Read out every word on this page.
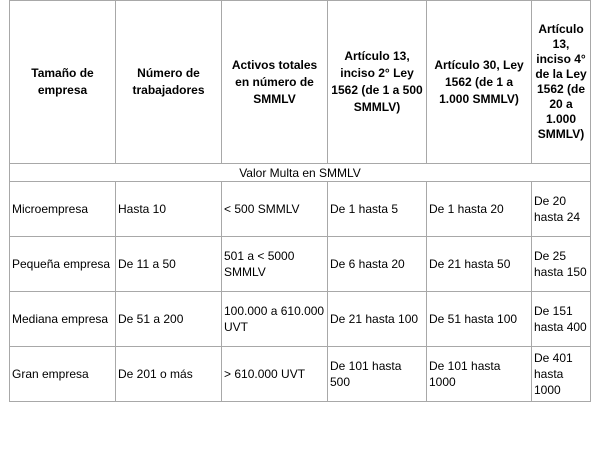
Tamaño de empresa	Número de trabajadores	Activos totales en número de SMMLV	Artículo 13, inciso 2° Ley 1562 (de 1 a 500 SMMLV)	Artículo 30, Ley 1562 (de 1 a 1.000 SMMLV)	Artículo 13, inciso 4° de la Ley 1562 (de 20 a 1.000 SMMLV)
Valor Multa en SMMLV					
Microempresa	Hasta 10	< 500 SMMLV	De 1 hasta 5	De 1 hasta 20	De 20 hasta 24
Pequeña empresa	De 11 a 50	501 a < 5000 SMMLV	De 6 hasta 20	De 21 hasta 50	De 25 hasta 150
Mediana empresa	De 51 a 200	100.000 a 610.000 UVT	De 21 hasta 100	De 51 hasta 100	De 151 hasta 400
Gran empresa	De 201 o más	> 610.000 UVT	De 101 hasta 500	De 101 hasta 1000	De 401 hasta 1000
